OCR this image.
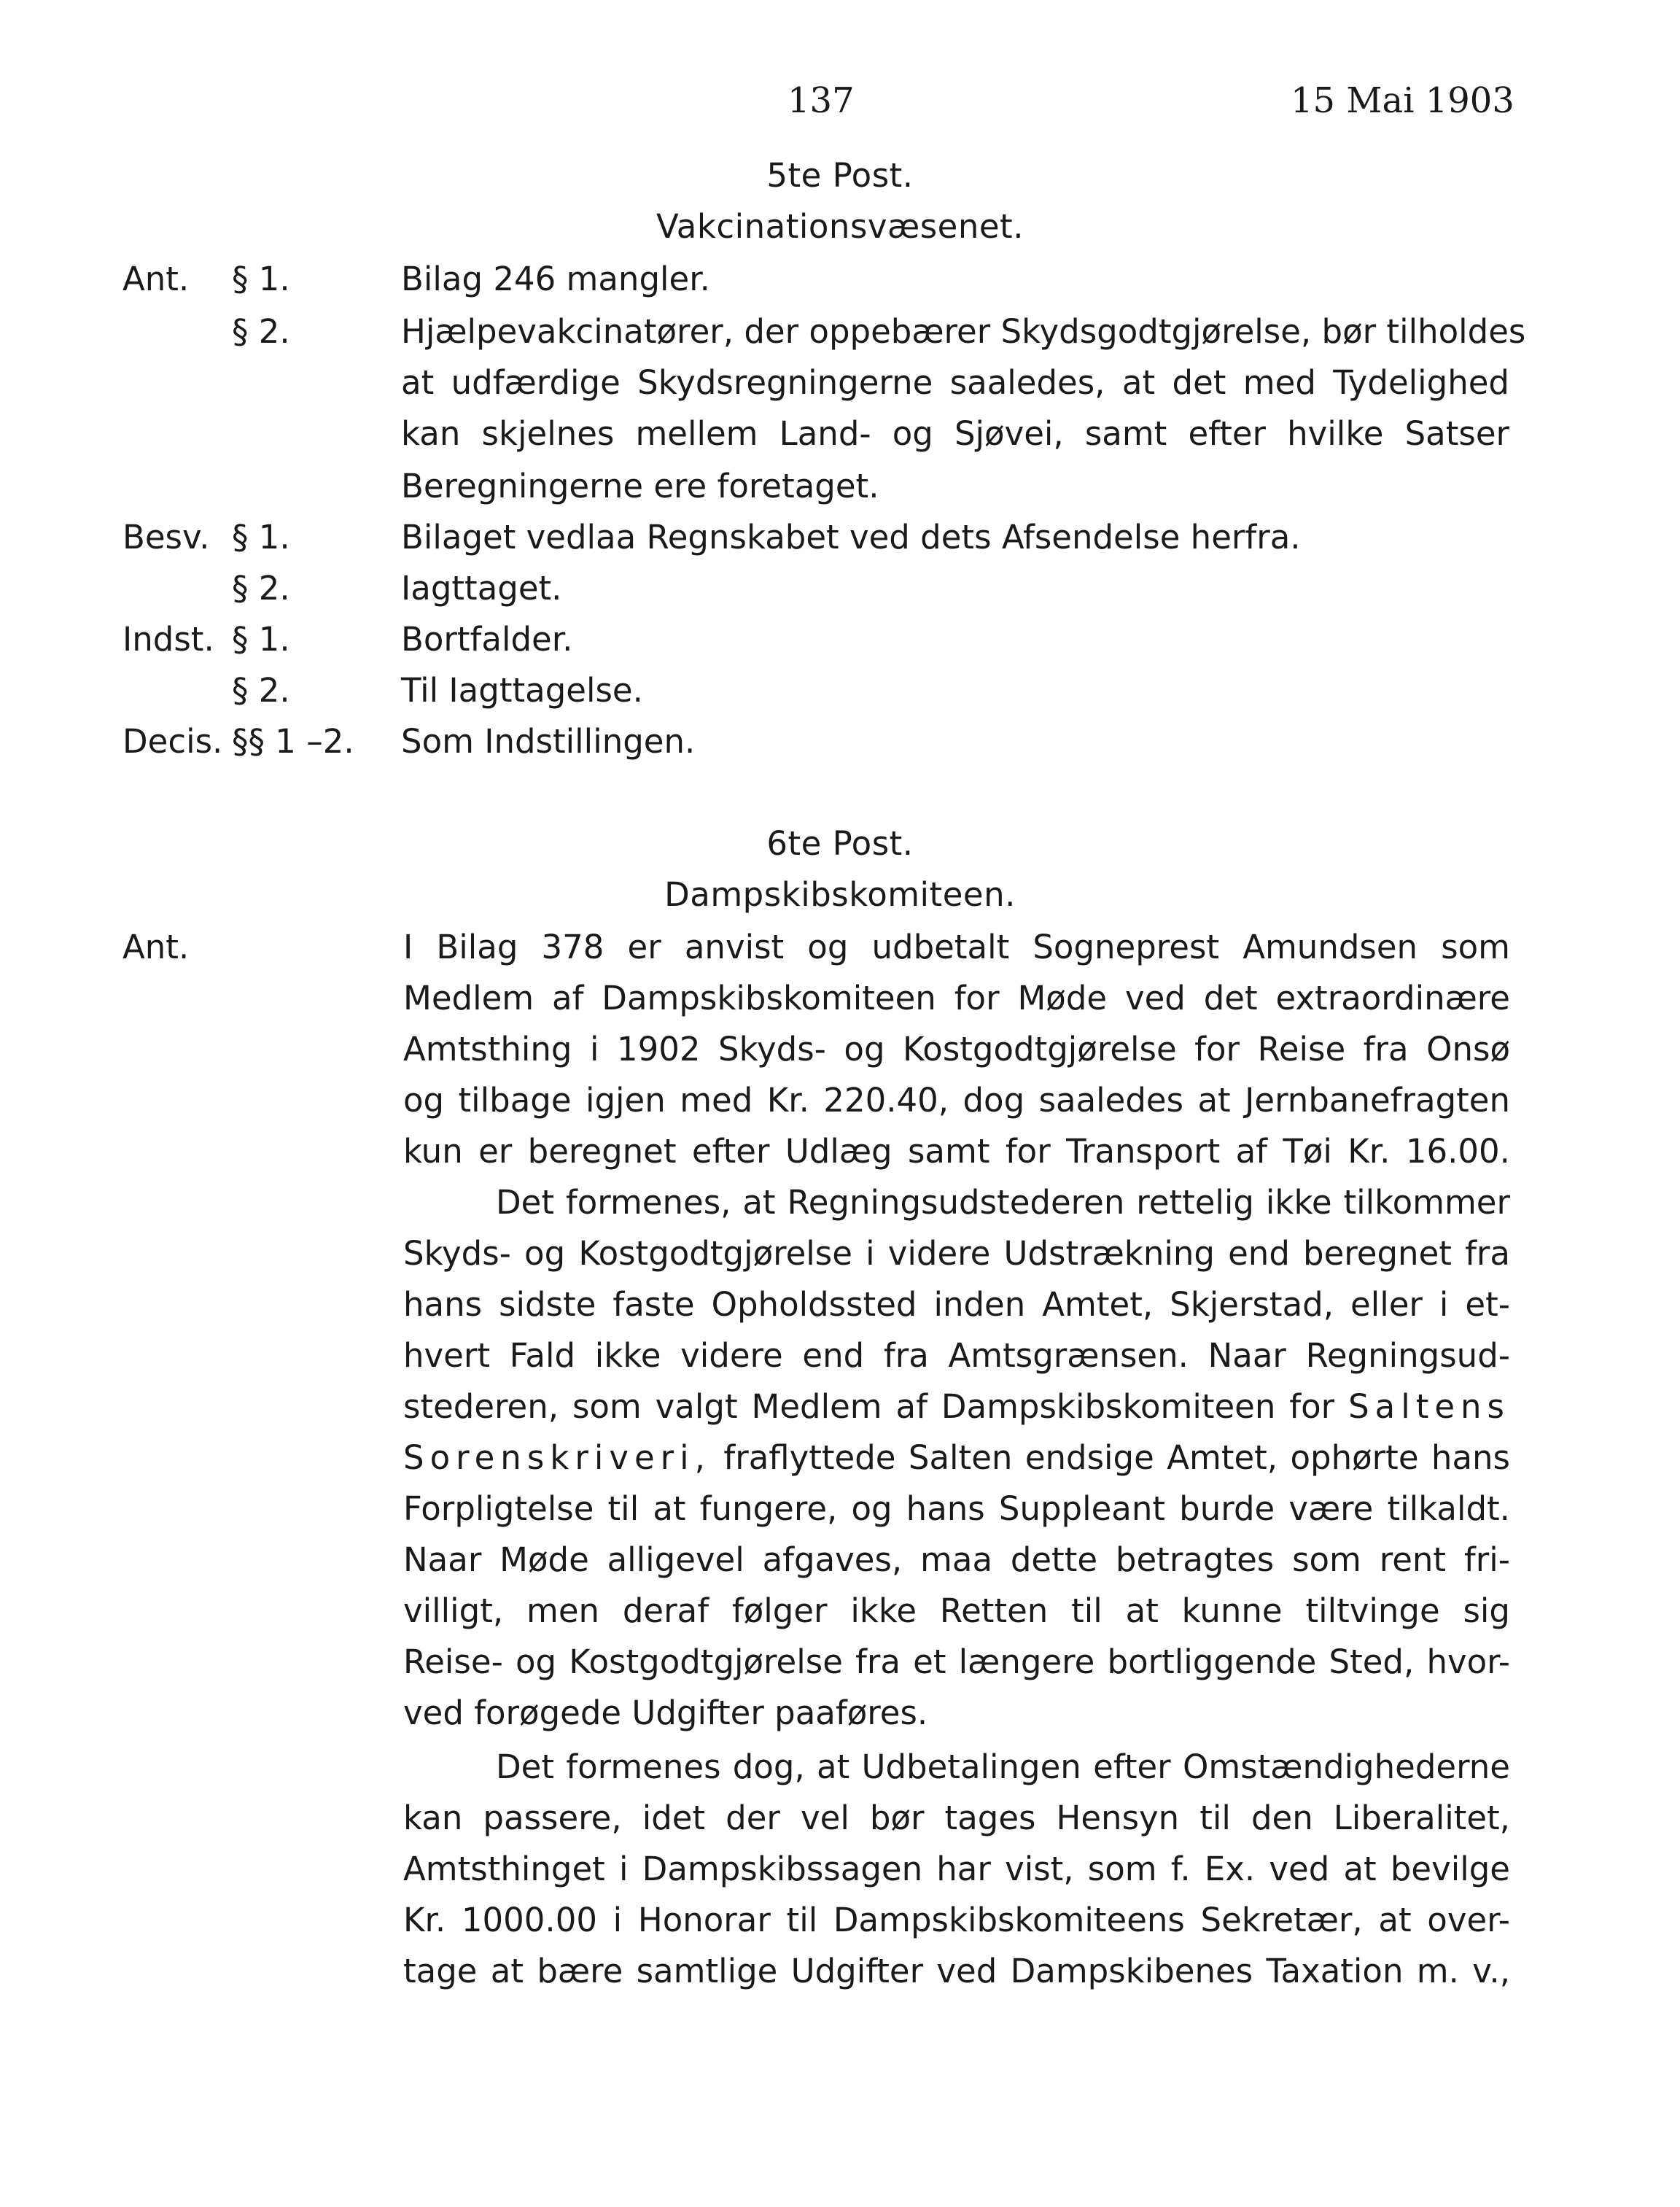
137	15 Mai 1903
5te Post.
Vakcinationsvæsenet.
Ant. § 1.	Bilag 246 mangler.
§ 2.	Hjælpevakcinatører, der oppebærer Skydsgodtgjørelse, bør tilholdes
at udfærdige Skydsregningerne saaledes, at det med Tydelighed
kan skjelnes mellem Land- og Sjøvei, samt efter hvilke Satser
Beregningerne ere foretaget.
Besv. § 1.	Bilaget vedlaa Regnskabet ved dets Afsendelse herfra.
§ 2.	Iagttaget.
Indst. § 1.	Bortfalder.
§ 2.	Til Iagttagelse.
Decis. §§ 1 –2. Som Indstillingen.
6te Post.
Dampskibskomiteen.
Ant.	I Bilag 378 er anvist og udbetalt Sogneprest Amundsen som
Medlem af Dampskibskomiteen for Møde ved det extraordinære
Amtsthing i 1902 Skyds- og Kostgodtgjørelse for Reise fra Onsø
og tilbage igjen med Kr. 220.40, dog saaledes at Jernbanefragten
kun er beregnet efter Udlæg samt for Transport af Tøi Kr. 16.00.
Det formenes, at Regningsudstederen rettelig ikke tilkommer
Skyds- og Kostgodtgjørelse i videre Udstrækning end beregnet fra
hans sidste faste Opholdssted inden Amtet, Skjerstad, eller i et-
hvert Fald ikke videre end fra Amtsgrænsen. Naar Regningsud-
stederen, som valgt Medlem af Dampskibskomiteen for Saltens
Sorenskriveri, fraflyttede Salten endsige Amtet, ophørte hans
Forpligtelse til at fungere, og hans Suppleant burde være tilkaldt.
Naar Møde alligevel afgaves, maa dette betragtes som rent fri-
villigt, men deraf følger ikke Retten til at kunne tiltvinge sig
Reise- og Kostgodtgjørelse fra et længere bortliggende Sted, hvor-
ved forøgede Udgifter paaføres.
Det formenes dog, at Udbetalingen efter Omstændighederne
kan passere, idet der vel bør tages Hensyn til den Liberalitet,
Amtsthinget i Dampskibssagen har vist, som f. Ex. ved at bevilge
Kr. 1000.00 i Honorar til Dampskibskomiteens Sekretær, at over-
tage at bære samtlige Udgifter ved Dampskibenes Taxation m. v.,
